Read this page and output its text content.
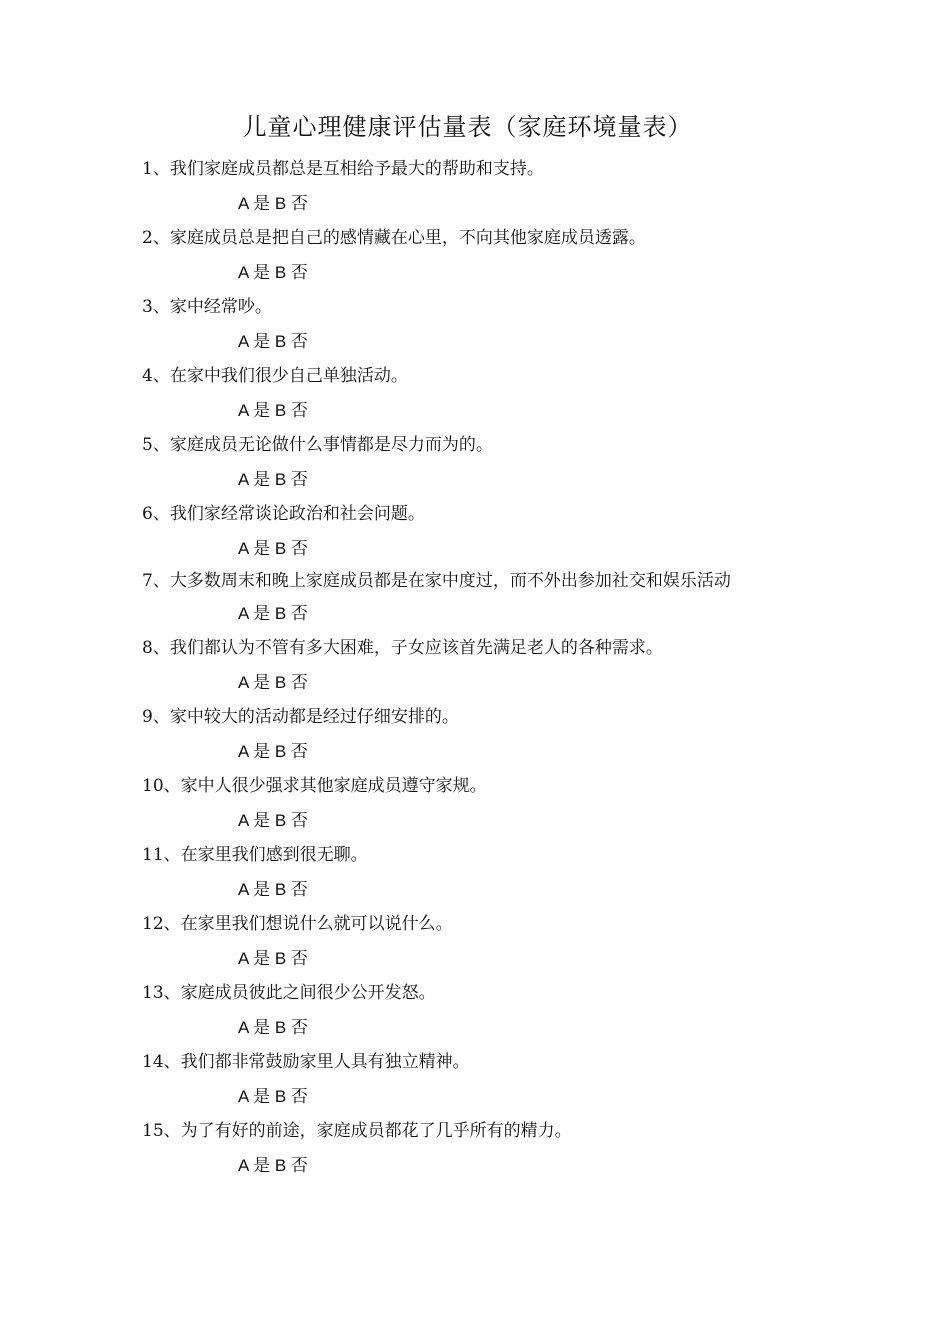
儿童心理健康评估量表（家庭环境量表）

1、我们家庭成员都总是互相给予最大的帮助和支持。

A 是 B 否

2、家庭成员总是把自己的感情藏在心里，不向其他家庭成员透露。

A 是 B 否

3、家中经常吵。

A 是 B 否

4、在家中我们很少自己单独活动。

A 是 B 否

5、家庭成员无论做什么事情都是尽力而为的。

A 是 B 否

6、我们家经常谈论政治和社会问题。

A 是 B 否

7、大多数周末和晚上家庭成员都是在家中度过，而不外出参加社交和娱乐活动

A 是 B 否

8、我们都认为不管有多大困难，子女应该首先满足老人的各种需求。

A 是 B 否

9、家中较大的活动都是经过仔细安排的。

A 是 B 否

10、家中人很少强求其他家庭成员遵守家规。

A 是 B 否

11、在家里我们感到很无聊。

A 是 B 否

12、在家里我们想说什么就可以说什么。

A 是 B 否

13、家庭成员彼此之间很少公开发怒。

A 是 B 否

14、我们都非常鼓励家里人具有独立精神。

A 是 B 否

15、为了有好的前途，家庭成员都花了几乎所有的精力。

A 是 B 否
